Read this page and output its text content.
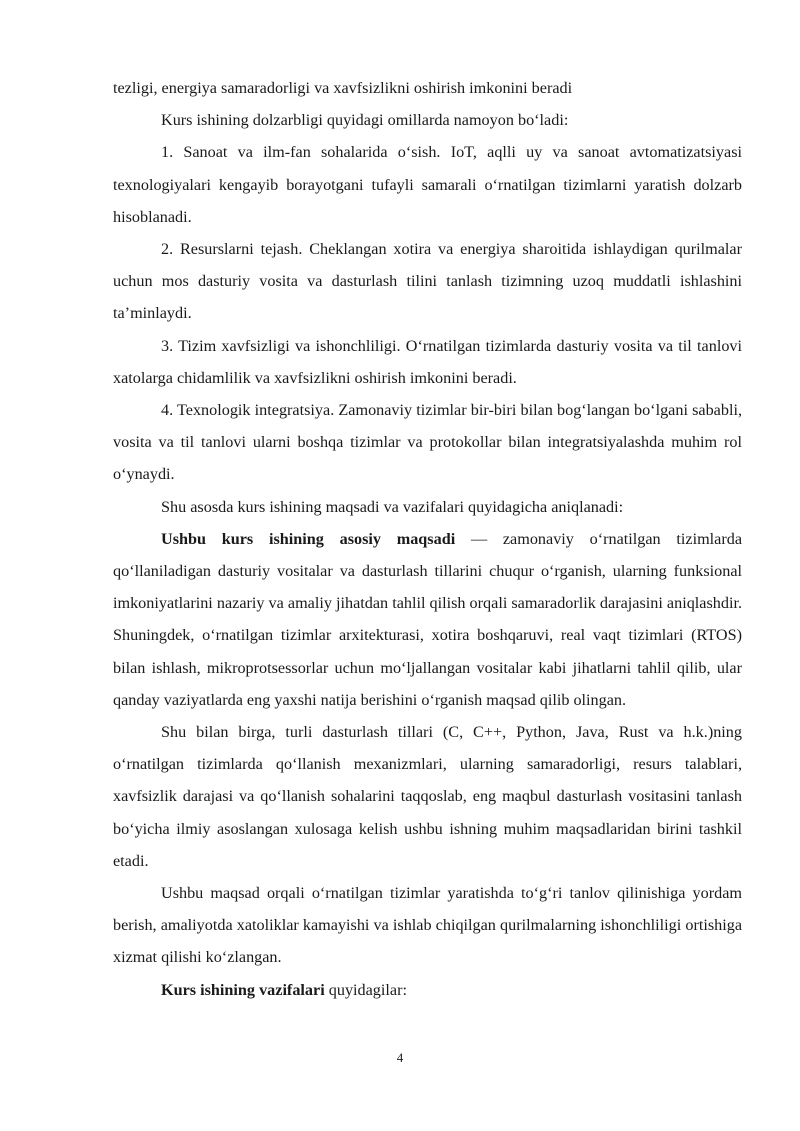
tezligi, energiya samaradorligi va xavfsizlikni oshirish imkonini beradi

Kurs ishining dolzarbligi quyidagi omillarda namoyon bo‘ladi:

1. Sanoat va ilm-fan sohalarida o‘sish. IoT, aqlli uy va sanoat avtomatizatsiyasi texnologiyalari kengayib borayotgani tufayli samarali o‘rnatilgan tizimlarni yaratish dolzarb hisoblanadi.

2. Resurslarni tejash. Cheklangan xotira va energiya sharoitida ishlaydigan qurilmalar uchun mos dasturiy vosita va dasturlash tilini tanlash tizimning uzoq muddatli ishlashini ta’minlaydi.

3. Tizim xavfsizligi va ishonchliligi. O‘rnatilgan tizimlarda dasturiy vosita va til tanlovi xatolarga chidamlilik va xavfsizlikni oshirish imkonini beradi.

4. Texnologik integratsiya. Zamonaviy tizimlar bir-biri bilan bog‘langan bo‘lgani sababli, vosita va til tanlovi ularni boshqa tizimlar va protokollar bilan integratsiyalashda muhim rol o‘ynaydi.

Shu asosda kurs ishining maqsadi va vazifalari quyidagicha aniqlanadi:

Ushbu kurs ishining asosiy maqsadi — zamonaviy o‘rnatilgan tizimlarda qo‘llaniladigan dasturiy vositalar va dasturlash tillarini chuqur o‘rganish, ularning funksional imkoniyatlarini nazariy va amaliy jihatdan tahlil qilish orqali samaradorlik darajasini aniqlashdir. Shuningdek, o‘rnatilgan tizimlar arxitekturasi, xotira boshqaruvi, real vaqt tizimlari (RTOS) bilan ishlash, mikroprotsessorlar uchun mo‘ljallangan vositalar kabi jihatlarni tahlil qilib, ular qanday vaziyatlarda eng yaxshi natija berishini o‘rganish maqsad qilib olingan.

Shu bilan birga, turli dasturlash tillari (C, C++, Python, Java, Rust va h.k.)ning o‘rnatilgan tizimlarda qo‘llanish mexanizmlari, ularning samaradorligi, resurs talablari, xavfsizlik darajasi va qo‘llanish sohalarini taqqoslab, eng maqbul dasturlash vositasini tanlash bo‘yicha ilmiy asoslangan xulosaga kelish ushbu ishning muhim maqsadlaridan birini tashkil etadi.

Ushbu maqsad orqali o‘rnatilgan tizimlar yaratishda to‘g‘ri tanlov qilinishiga yordam berish, amaliyotda xatoliklar kamayishi va ishlab chiqilgan qurilmalarning ishonchliligi ortishiga xizmat qilishi ko‘zlangan.

Kurs ishining vazifalari quyidagilar:

4
